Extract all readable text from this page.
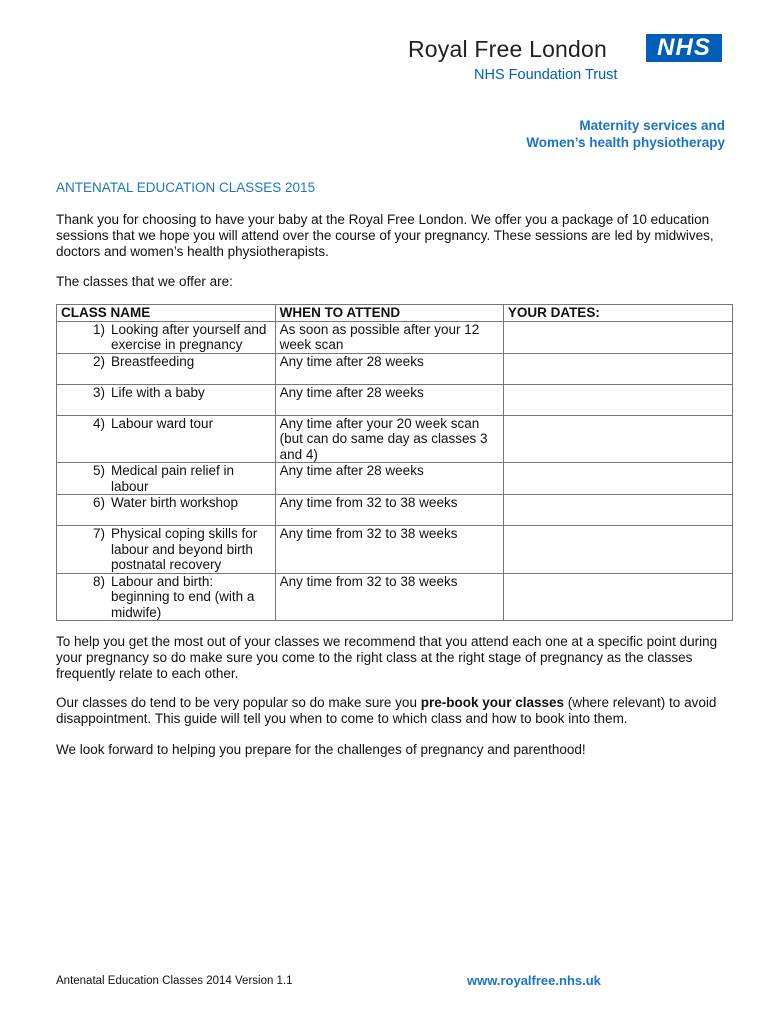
Royal Free London	NHS
NHS Foundation Trust
Maternity services and
Women’s health physiotherapy
ANTENATAL EDUCATION CLASSES 2015

Thank you for choosing to have your baby at the Royal Free London. We offer you a package of 10 education sessions that we hope you will attend over the course of your pregnancy. These sessions are led by midwives, doctors and women’s health physiotherapists.

The classes that we offer are:

CLASS NAME	WHEN TO ATTEND	YOUR DATES:

1) Looking after yourself and exercise in pregnancy	As soon as possible after your 12 week scan	

2) Breastfeeding	Any time after 28 weeks	

3) Life with a baby	Any time after 28 weeks	

4) Labour ward tour	Any time after your 20 week scan (but can do same day as classes 3 and 4)	

5) Medical pain relief in labour	Any time after 28 weeks	

6) Water birth workshop	Any time from 32 to 38 weeks	

7) Physical coping skills for labour and beyond birth postnatal recovery	Any time from 32 to 38 weeks	

8) Labour and birth: beginning to end (with a midwife)	Any time from 32 to 38 weeks	

To help you get the most out of your classes we recommend that you attend each one at a specific point during your pregnancy so do make sure you come to the right class at the right stage of pregnancy as the classes frequently relate to each other.

Our classes do tend to be very popular so do make sure you pre-book your classes (where relevant) to avoid disappointment. This guide will tell you when to come to which class and how to book into them.

We look forward to helping you prepare for the challenges of pregnancy and parenthood!

Antenatal Education Classes 2014 Version 1.1	www.royalfree.nhs.uk
